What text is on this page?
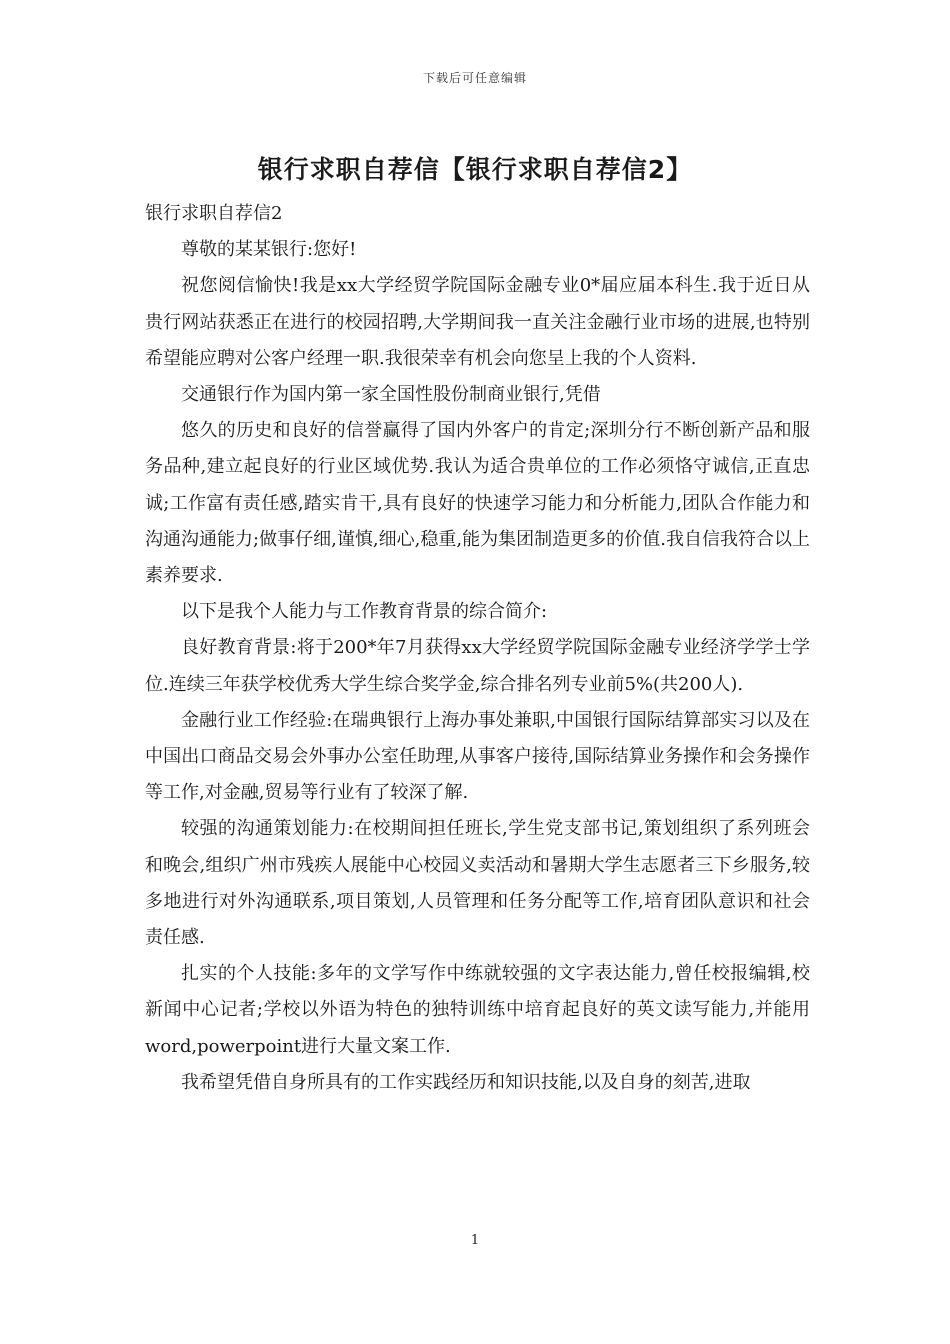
下载后可任意编辑
银行求职自荐信【银行求职自荐信2】

银行求职自荐信2

尊敬的某某银行:您好!

祝您阅信愉快!我是xx大学经贸学院国际金融专业0*届应届本科生.我于近日从贵行网站获悉正在进行的校园招聘,大学期间我一直关注金融行业市场的进展,也特别希望能应聘对公客户经理一职.我很荣幸有机会向您呈上我的个人资料.

交通银行作为国内第一家全国性股份制商业银行,凭借

悠久的历史和良好的信誉赢得了国内外客户的肯定;深圳分行不断创新产品和服务品种,建立起良好的行业区域优势.我认为适合贵单位的工作必须恪守诚信,正直忠诚;工作富有责任感,踏实肯干,具有良好的快速学习能力和分析能力,团队合作能力和沟通沟通能力;做事仔细,谨慎,细心,稳重,能为集团制造更多的价值.我自信我符合以上素养要求.

以下是我个人能力与工作教育背景的综合简介:

良好教育背景:将于200*年7月获得xx大学经贸学院国际金融专业经济学学士学位.连续三年获学校优秀大学生综合奖学金,综合排名列专业前5%(共200人).

金融行业工作经验:在瑞典银行上海办事处兼职,中国银行国际结算部实习以及在中国出口商品交易会外事办公室任助理,从事客户接待,国际结算业务操作和会务操作等工作,对金融,贸易等行业有了较深了解.

较强的沟通策划能力:在校期间担任班长,学生党支部书记,策划组织了系列班会和晚会,组织广州市残疾人展能中心校园义卖活动和暑期大学生志愿者三下乡服务,较多地进行对外沟通联系,项目策划,人员管理和任务分配等工作,培育团队意识和社会责任感.

扎实的个人技能:多年的文学写作中练就较强的文字表达能力,曾任校报编辑,校新闻中心记者;学校以外语为特色的独特训练中培育起良好的英文读写能力,并能用word,powerpoint进行大量文案工作.

我希望凭借自身所具有的工作实践经历和知识技能,以及自身的刻苦,进取

1
